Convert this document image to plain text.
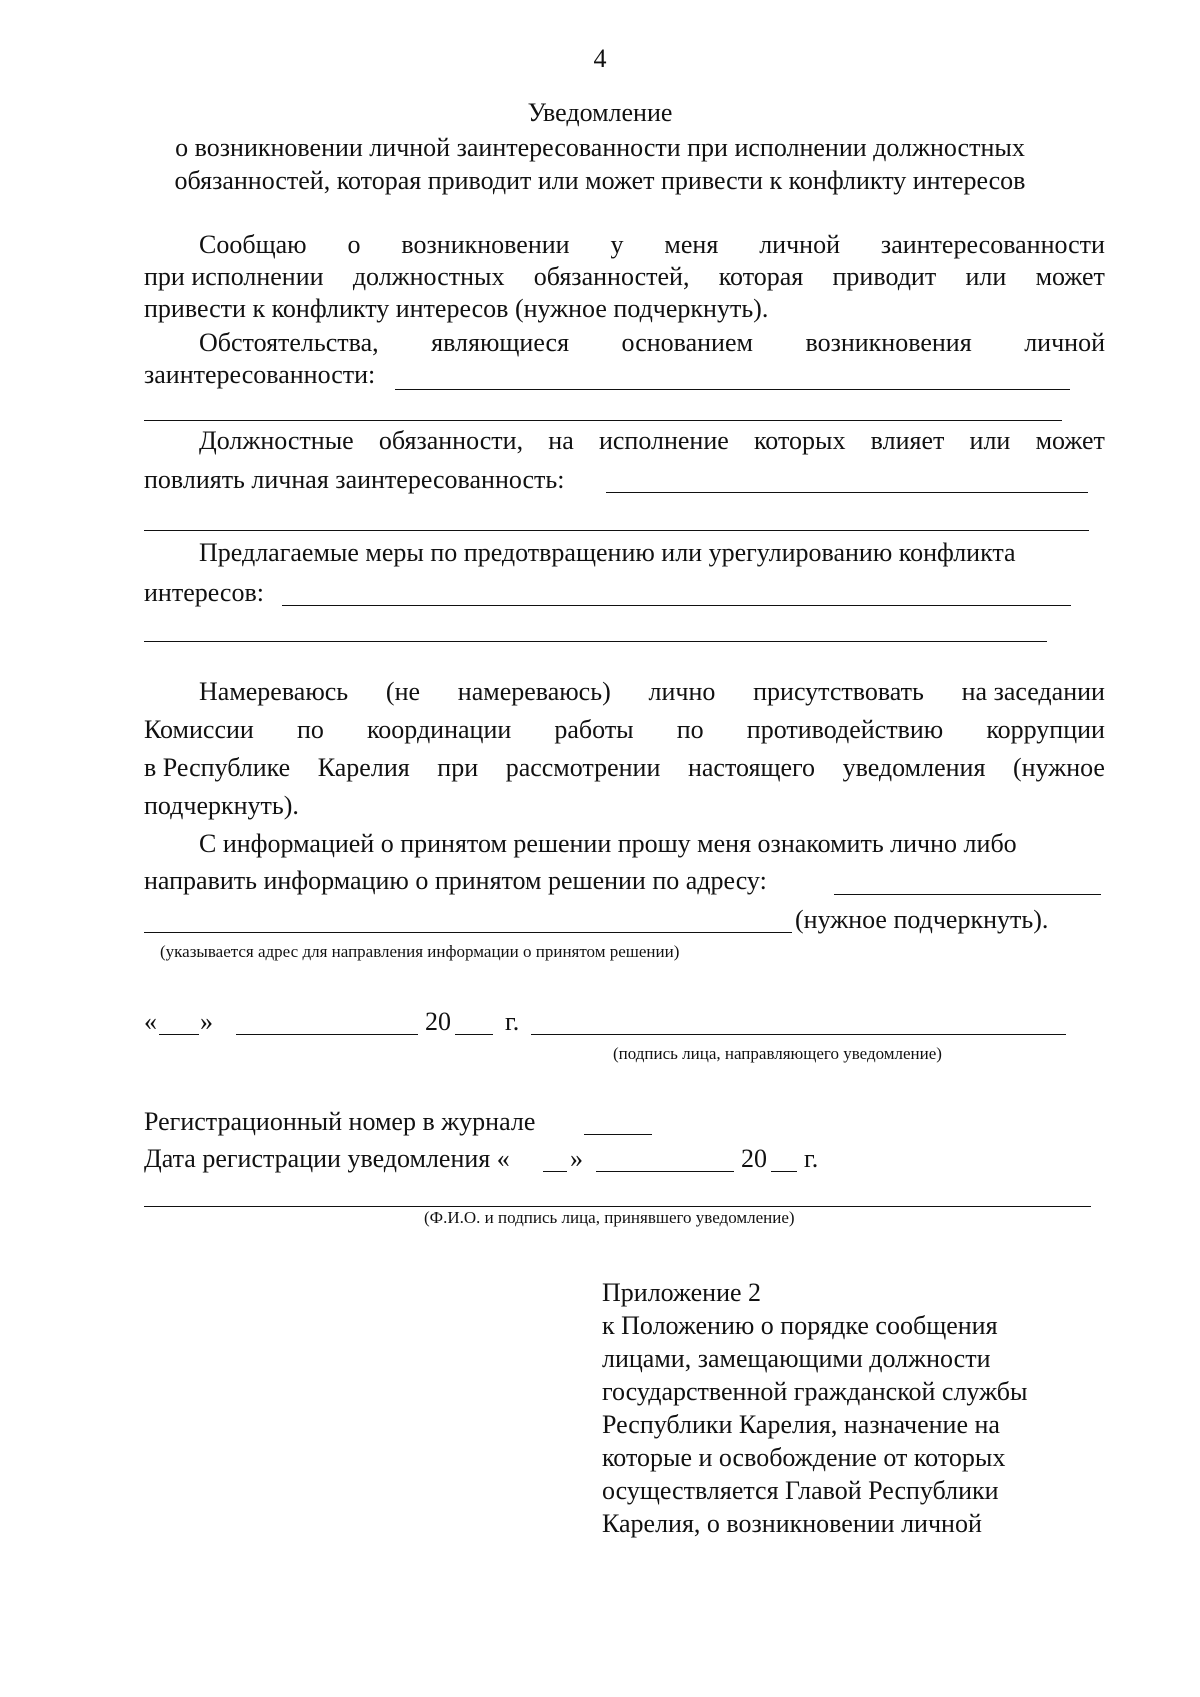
4
Уведомление
о возникновении личной заинтересованности при исполнении должностных
обязанностей, которая приводит или может привести к конфликту интересов
Сообщаю о возникновении у меня личной заинтересованности
при исполнении должностных обязанностей, которая приводит или может
привести к конфликту интересов (нужное подчеркнуть).
Обстоятельства, являющиеся основанием возникновения личной
заинтересованности:
Должностные обязанности, на исполнение которых влияет или может
повлиять личная заинтересованность:
Предлагаемые меры по предотвращению или урегулированию конфликта
интересов:
Намереваюсь (не намереваюсь) лично присутствовать на заседании
Комиссии по координации работы по противодействию коррупции
в Республике Карелия при рассмотрении настоящего уведомления (нужное
подчеркнуть).
С информацией о принятом решении прошу меня ознакомить лично либо
направить информацию о принятом решении по адресу:
(нужное подчеркнуть).
(указывается адрес для направления информации о принятом решении)
« »	20 г.
(подпись лица, направляющего уведомление)
Регистрационный номер в журнале
Дата регистрации уведомления « »	20 г.
(Ф.И.О. и подпись лица, принявшего уведомление)
Приложение 2
к Положению о порядке сообщения
лицами, замещающими должности
государственной гражданской службы
Республики Карелия, назначение на
которые и освобождение от которых
осуществляется Главой Республики
Карелия, о возникновении личной
